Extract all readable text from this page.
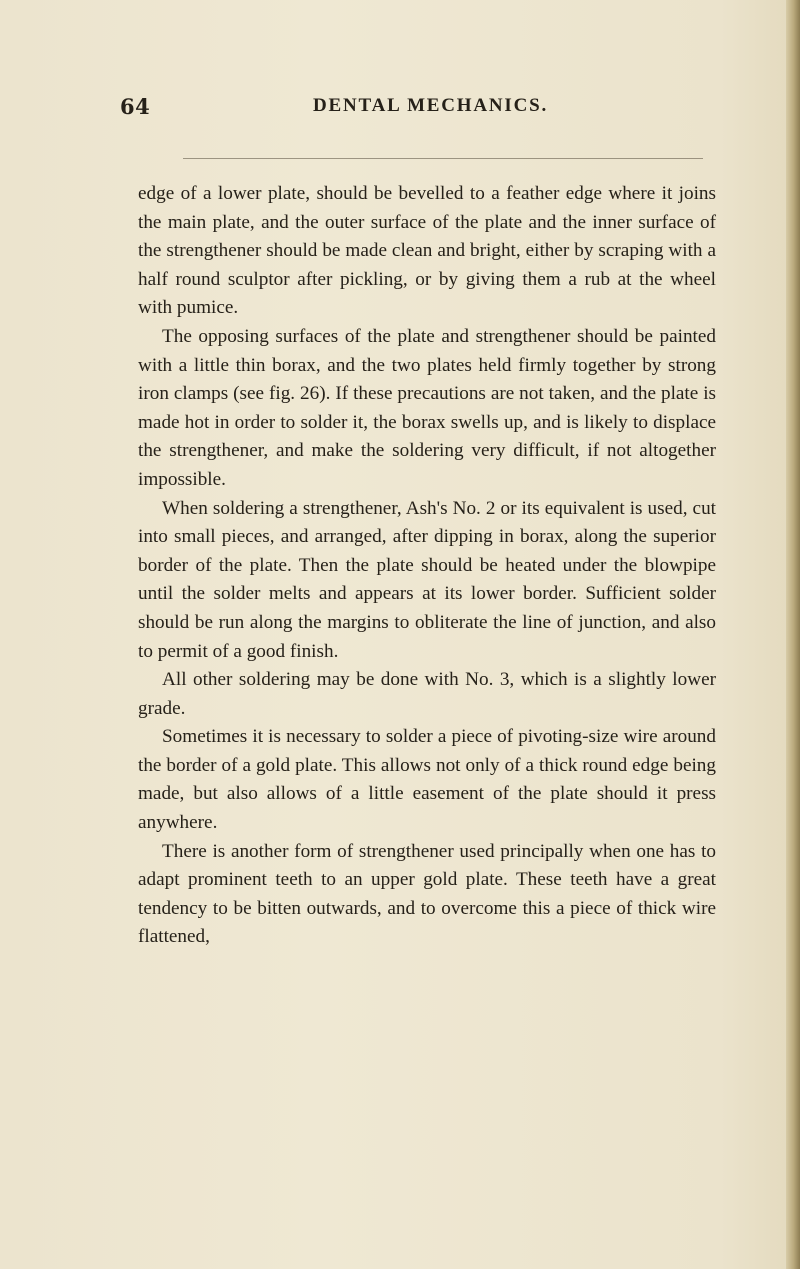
64	DENTAL MECHANICS.

edge of a lower plate, should be bevelled to a feather edge where it joins the main plate, and the outer surface of the plate and the inner surface of the strengthener should be made clean and bright, either by scraping with a half round sculptor after pickling, or by giving them a rub at the wheel with pumice.

The opposing surfaces of the plate and strengthener should be painted with a little thin borax, and the two plates held firmly together by strong iron clamps (see fig. 26). If these precautions are not taken, and the plate is made hot in order to solder it, the borax swells up, and is likely to displace the strengthener, and make the soldering very difficult, if not altogether impossible.

When soldering a strengthener, Ash's No. 2 or its equivalent is used, cut into small pieces, and arranged, after dipping in borax, along the superior border of the plate. Then the plate should be heated under the blowpipe until the solder melts and appears at its lower border. Sufficient solder should be run along the margins to obliterate the line of junction, and also to permit of a good finish.

All other soldering may be done with No. 3, which is a slightly lower grade.

Sometimes it is necessary to solder a piece of pivoting-size wire around the border of a gold plate. This allows not only of a thick round edge being made, but also allows of a little easement of the plate should it press anywhere.

There is another form of strengthener used principally when one has to adapt prominent teeth to an upper gold plate. These teeth have a great tendency to be bitten outwards, and to overcome this a piece of thick wire flattened,
